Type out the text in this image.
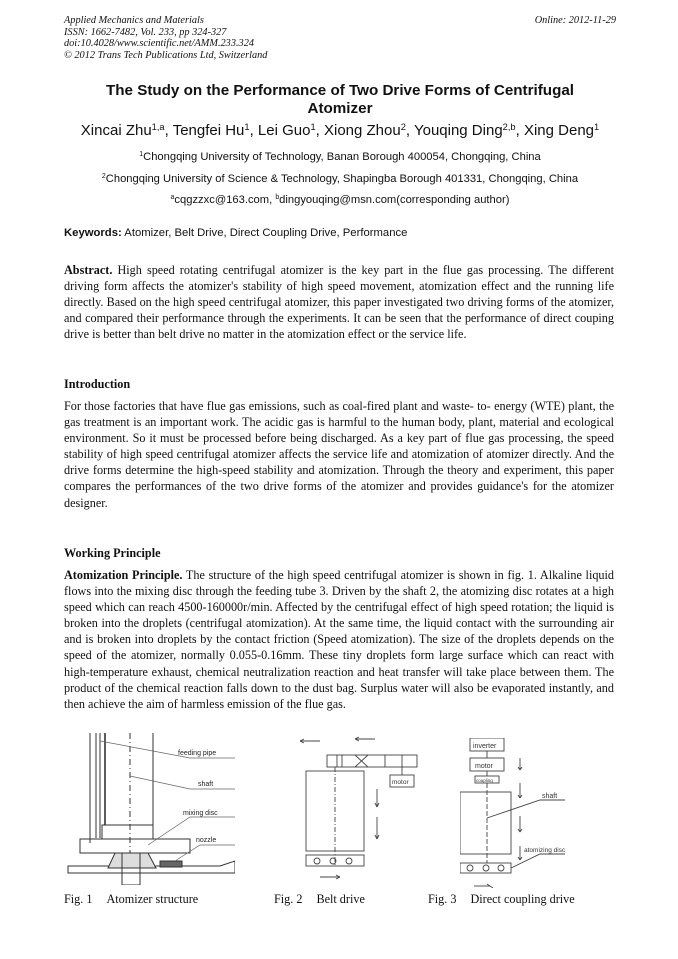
Applied Mechanics and Materials
ISSN: 1662-7482, Vol. 233, pp 324-327
doi:10.4028/www.scientific.net/AMM.233.324
© 2012 Trans Tech Publications Ltd, Switzerland
Online: 2012-11-29
The Study on the Performance of Two Drive Forms of Centrifugal
Atomizer
Xincai Zhu$^{1,a}$, Tengfei Hu$^1$, Lei Guo$^1$, Xiong Zhou$^2$, Youqing Ding$^{2,b}$, Xing Deng$^1$
$^1$Chongqing University of Technology, Banan Borough 400054, Chongqing, China
$^2$Chongqing University of Science & Technology, Shapingba Borough 401331, Chongqing, China
$^a$cqgzzxc@163.com, $^b$dingyouqing@msn.com(corresponding author)
Keywords: Atomizer, Belt Drive, Direct Coupling Drive, Performance
Abstract. High speed rotating centrifugal atomizer is the key part in the flue gas processing. The different driving form affects the atomizer's stability of high speed movement, atomization effect and the running life directly. Based on the high speed centrifugal atomizer, this paper investigated two driving forms of the atomizer, and compared their performance through the experiments. It can be seen that the performance of direct couping drive is better than belt drive no matter in the atomization effect or the service life.
Introduction
For those factories that have flue gas emissions, such as coal-fired plant and waste- to- energy (WTE) plant, the gas treatment is an important work. The acidic gas is harmful to the human body, plant, material and ecological environment. So it must be processed before being discharged. As a key part of flue gas processing, the speed stability of high speed centrifugal atomizer affects the service life and atomization of atomizer directly. And the drive forms determine the high-speed stability and atomization. Through the theory and experiment, this paper compares the performances of the two drive forms of the atomizer and provides guidance's for the atomizer designer.
Working Principle
Atomization Principle. The structure of the high speed centrifugal atomizer is shown in fig. 1. Alkaline liquid flows into the mixing disc through the feeding tube 3. Driven by the shaft 2, the atomizing disc rotates at a high speed which can reach 4500-160000r/min. Affected by the centrifugal effect of high speed rotation; the liquid is broken into the droplets (centrifugal atomization). At the same time, the liquid contact with the surrounding air and is broken into droplets by the contact friction (Speed atomization). The size of the droplets depends on the speed of the atomizer, normally 0.055-0.16mm. These tiny droplets form large surface which can react with high-temperature exhaust, chemical neutralization reaction and heat transfer will take place between them. The product of the chemical reaction falls down to the dust bag. Surplus water will also be evaporated instantly, and then achieve the aim of harmless emission of the flue gas.
feeding pipe
shaft
mixing disc
nozzle
motor
inverter
motor
coupling
shaft
atomizing disc
Fig. 1 Atomizer structure	Fig. 2 Belt drive	Fig. 3 Direct coupling drive
